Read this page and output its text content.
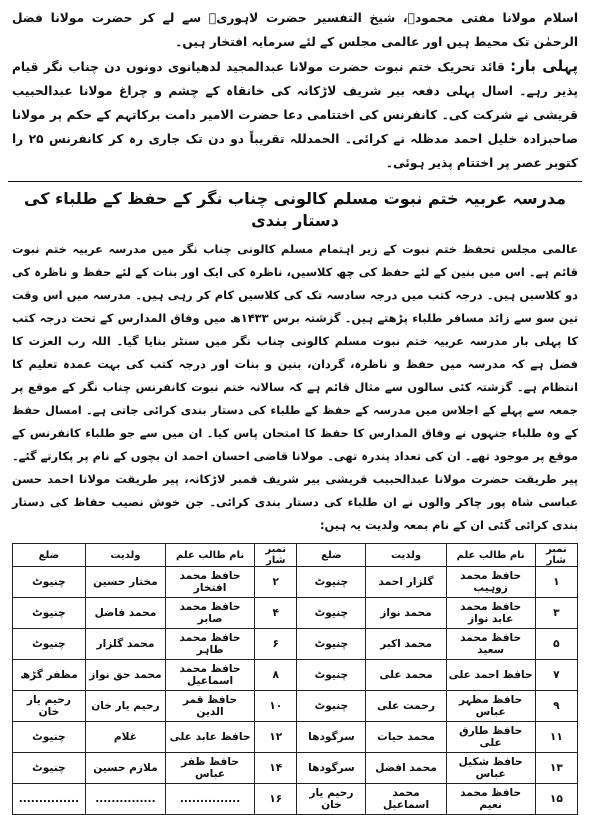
اسلام مولانا مفتی محمودؒ، شیخ التفسیر حضرت لاہوریؒ سے لے کر حضرت مولانا فضل الرحمٰن تک محیط ہیں اور عالمی مجلس کے لئے سرمایہ افتخار ہیں۔

پہلی بار: قائد تحریک ختم نبوت حضرت مولانا عبدالمجید لدھیانوی دونوں دن چناب نگر قیام پذیر رہے۔ اسال پہلی دفعہ بیر شریف لاڑکانہ کی خانقاہ کے چشم و چراغ مولانا عبدالحبیب قریشی نے شرکت کی۔ کانفرنس کی اختتامی دعا حضرت الامیر دامت برکاتہم کے حکم پر مولانا صاحبزادہ خلیل احمد مدظلہ نے کرائی۔ الحمدللہ تقریباً دو دن تک جاری رہ کر کانفرنس ۲۵ را کتوبر عصر پر اختتام پذیر ہوئی۔

مدرسہ عربیہ ختم نبوت مسلم کالونی چناب نگر کے حفظ کے طلباء کی دستار بندی

عالمی مجلس تحفظ ختم نبوت کے زیر اہتمام مسلم کالونی چناب نگر میں مدرسہ عربیہ ختم نبوت قائم ہے۔ اس میں بنین کے لئے حفظ کی چھ کلاسیں، ناظرہ کی ایک اور بنات کے لئے حفظ و ناظرہ کی دو کلاسیں ہیں۔ درجہ کتب میں درجہ سادسہ تک کی کلاسیں کام کر رہی ہیں۔ مدرسہ میں اس وقت تین سو سے زائد مسافر طلباء پڑھتے ہیں۔ گزشتہ برس ۱۴۳۳ھ میں وفاق المدارس کے تحت درجہ کتب کا پہلی بار مدرسہ عربیہ ختم نبوت مسلم کالونی چناب نگر میں سنٹر بنایا گیا۔ اللہ رب العزت کا فضل ہے کہ مدرسہ میں حفظ و ناظرہ، گردان، بنین و بنات اور درجہ کتب کی بہت عمدہ تعلیم کا انتظام ہے۔ گزشتہ کئی سالوں سے مثال قائم ہے کہ سالانہ ختم نبوت کانفرنس چناب نگر کے موقع پر جمعہ سے پہلے کے اجلاس میں مدرسہ کے حفظ کے طلباء کی دستار بندی کرائی جاتی ہے۔ امسال حفظ کے وہ طلباء جنہوں نے وفاق المدارس کا حفظ کا امتحان پاس کیا۔ ان میں سے جو طلباء کانفرنس کے موقع پر موجود تھے۔ ان کی تعداد پندرہ تھی۔ مولانا قاضی احسان احمد ان بچوں کے نام پر پکارتے گئے۔ پیر طریقت حضرت مولانا عبدالحبیب قریشی بیر شریف قمبر لاڑکانہ، پیر طریقت مولانا احمد حسن عباسی شاہ پور چاکر والوں نے ان طلباء کی دستار بندی کرائی۔ جن خوش نصیب حفاظ کی دستار بندی کرائی گئی ان کے نام بمعہ ولدیت یہ ہیں:

نمبر شار	نام طالب علم	ولدیت	ضلع	نمبر شار	نام طالب علم	ولدیت	ضلع
۱	حافظ محمد زوہیب	گلزار احمد	چنیوٹ	۲	حافظ محمد افتخار	مختار حسین	چنیوٹ
۳	حافظ محمد عابد نواز	محمد نواز	چنیوٹ	۴	حافظ محمد صابر	محمد فاضل	چنیوٹ
۵	حافظ محمد سعید	محمد اکبر	چنیوٹ	۶	حافظ محمد طاہر	محمد گلزار	چنیوٹ
۷	حافظ احمد علی	محمد علی	چنیوٹ	۸	حافظ محمد اسماعیل	محمد حق نواز	مظفر گڑھ
۹	حافظ مظہر عباس	رحمت علی	چنیوٹ	۱۰	حافظ قمر الدین	رحیم یار خان	رحیم یار خان
۱۱	حافظ طارق علی	محمد حیات	سرگودھا	۱۲	حافظ عابد علی	غلام	چنیوٹ
۱۳	حافظ شکیل عباس	محمد افضل	سرگودھا	۱۴	حافظ ظفر عباس	ملازم حسین	چنیوٹ
۱۵	حافظ محمد نعیم	محمد اسماعیل	رحیم یار خان	۱۶	...............	...............	...............
